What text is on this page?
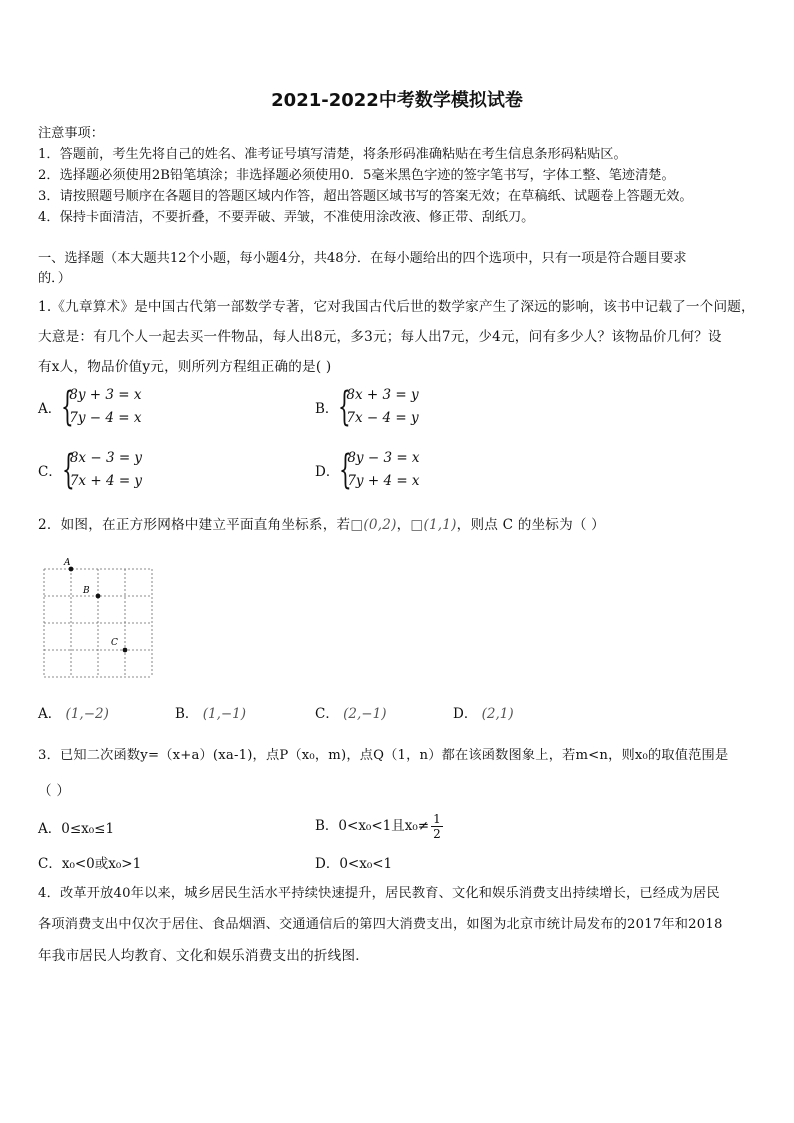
2021-2022中考数学模拟试卷
注意事项：
1．答题前，考生先将自己的姓名、准考证号填写清楚，将条形码准确粘贴在考生信息条形码粘贴区。
2．选择题必须使用2B铅笔填涂；非选择题必须使用0．5毫米黑色字迹的签字笔书写，字体工整、笔迹清楚。
3．请按照题号顺序在各题目的答题区域内作答，超出答题区域书写的答案无效；在草稿纸、试题卷上答题无效。
4．保持卡面清洁，不要折叠，不要弄破、弄皱，不准使用涂改液、修正带、刮纸刀。
一、选择题（本大题共12个小题，每小题4分，共48分．在每小题给出的四个选项中，只有一项是符合题目要求
的．）
1.《九章算术》是中国古代第一部数学专著，它对我国古代后世的数学家产生了深远的影响，该书中记载了一个问题，
大意是：有几个人一起去买一件物品，每人出8元，多3元；每人出7元，少4元，问有多少人？该物品价几何？设
有x人，物品价值y元，则所列方程组正确的是( )
A． {
8y + 3 = x
7y − 4 = x
B． {
8x + 3 = y
7x − 4 = y
C． {
8x − 3 = y
7x + 4 = y
D． {
8y − 3 = x
7y + 4 = x
2．如图，在正方形网格中建立平面直角坐标系，若□(0,2)，□(1,1)，则点 C 的坐标为（ ）
A
B
C
A． (1,−2)	B． (1,−1)	C． (2,−1)	D． (2,1)
3．已知二次函数y=（x+a）(xa-1)，点P（x₀，m)，点Q（1，n）都在该函数图象上，若m<n，则x₀的取值范围是
（ ）
A．0≤x₀≤1	B．0<x₀<1且$x_0\ne \frac{1}{2}$
C．x₀<0或x₀>1	D．0<x₀<1
4．改革开放40年以来，城乡居民生活水平持续快速提升，居民教育、文化和娱乐消费支出持续增长，已经成为居民
各项消费支出中仅次于居住、食品烟酒、交通通信后的第四大消费支出，如图为北京市统计局发布的2017年和2018
年我市居民人均教育、文化和娱乐消费支出的折线图．
